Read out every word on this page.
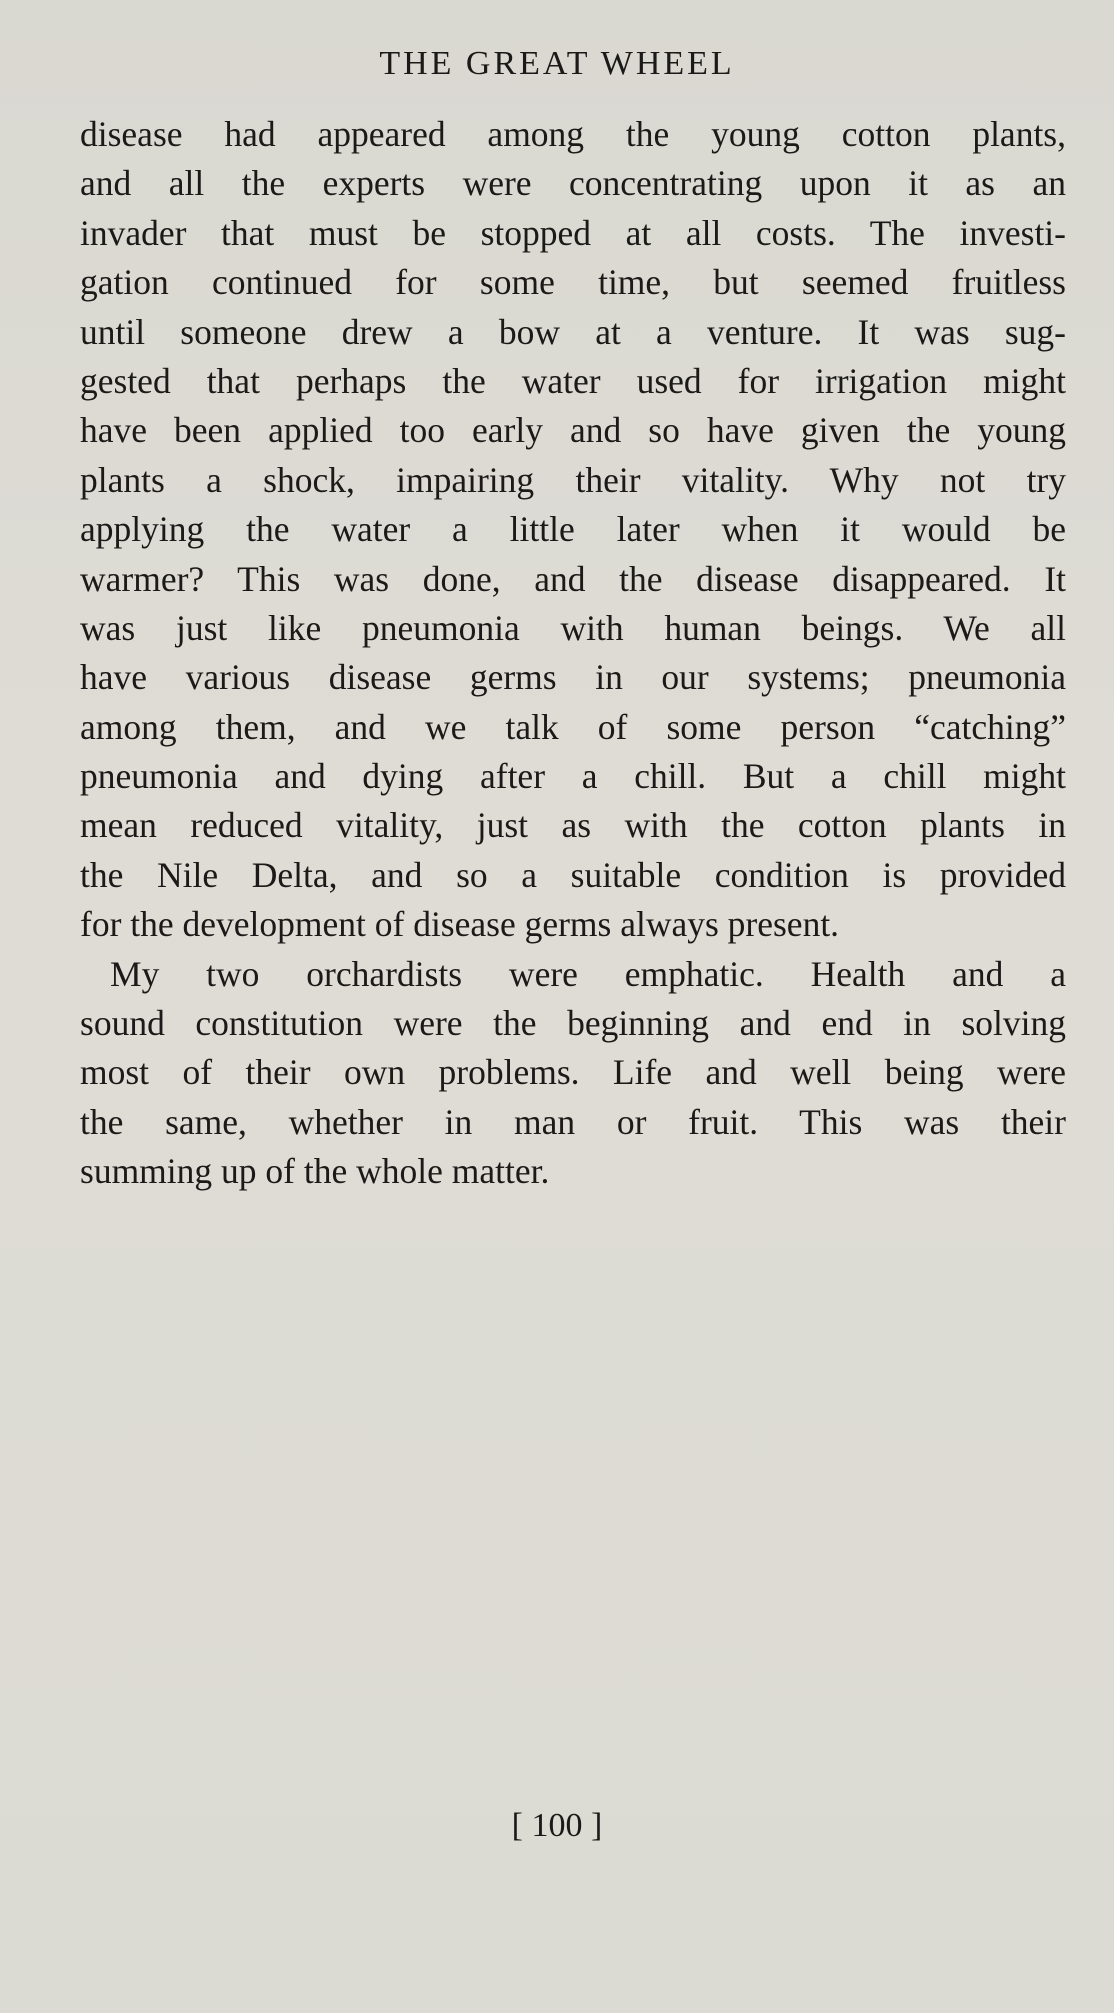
THE GREAT WHEEL
disease had appeared among the young cotton plants,
and all the experts were concentrating upon it as an
invader that must be stopped at all costs. The investi-
gation continued for some time, but seemed fruitless
until someone drew a bow at a venture. It was sug-
gested that perhaps the water used for irrigation might
have been applied too early and so have given the young
plants a shock, impairing their vitality. Why not try
applying the water a little later when it would be
warmer? This was done, and the disease disappeared. It
was just like pneumonia with human beings. We all
have various disease germs in our systems; pneumonia
among them, and we talk of some person “catching”
pneumonia and dying after a chill. But a chill might
mean reduced vitality, just as with the cotton plants in
the Nile Delta, and so a suitable condition is provided
for the development of disease germs always present.
My two orchardists were emphatic. Health and a
sound constitution were the beginning and end in solving
most of their own problems. Life and well being were
the same, whether in man or fruit. This was their
summing up of the whole matter.
[ 100 ]
